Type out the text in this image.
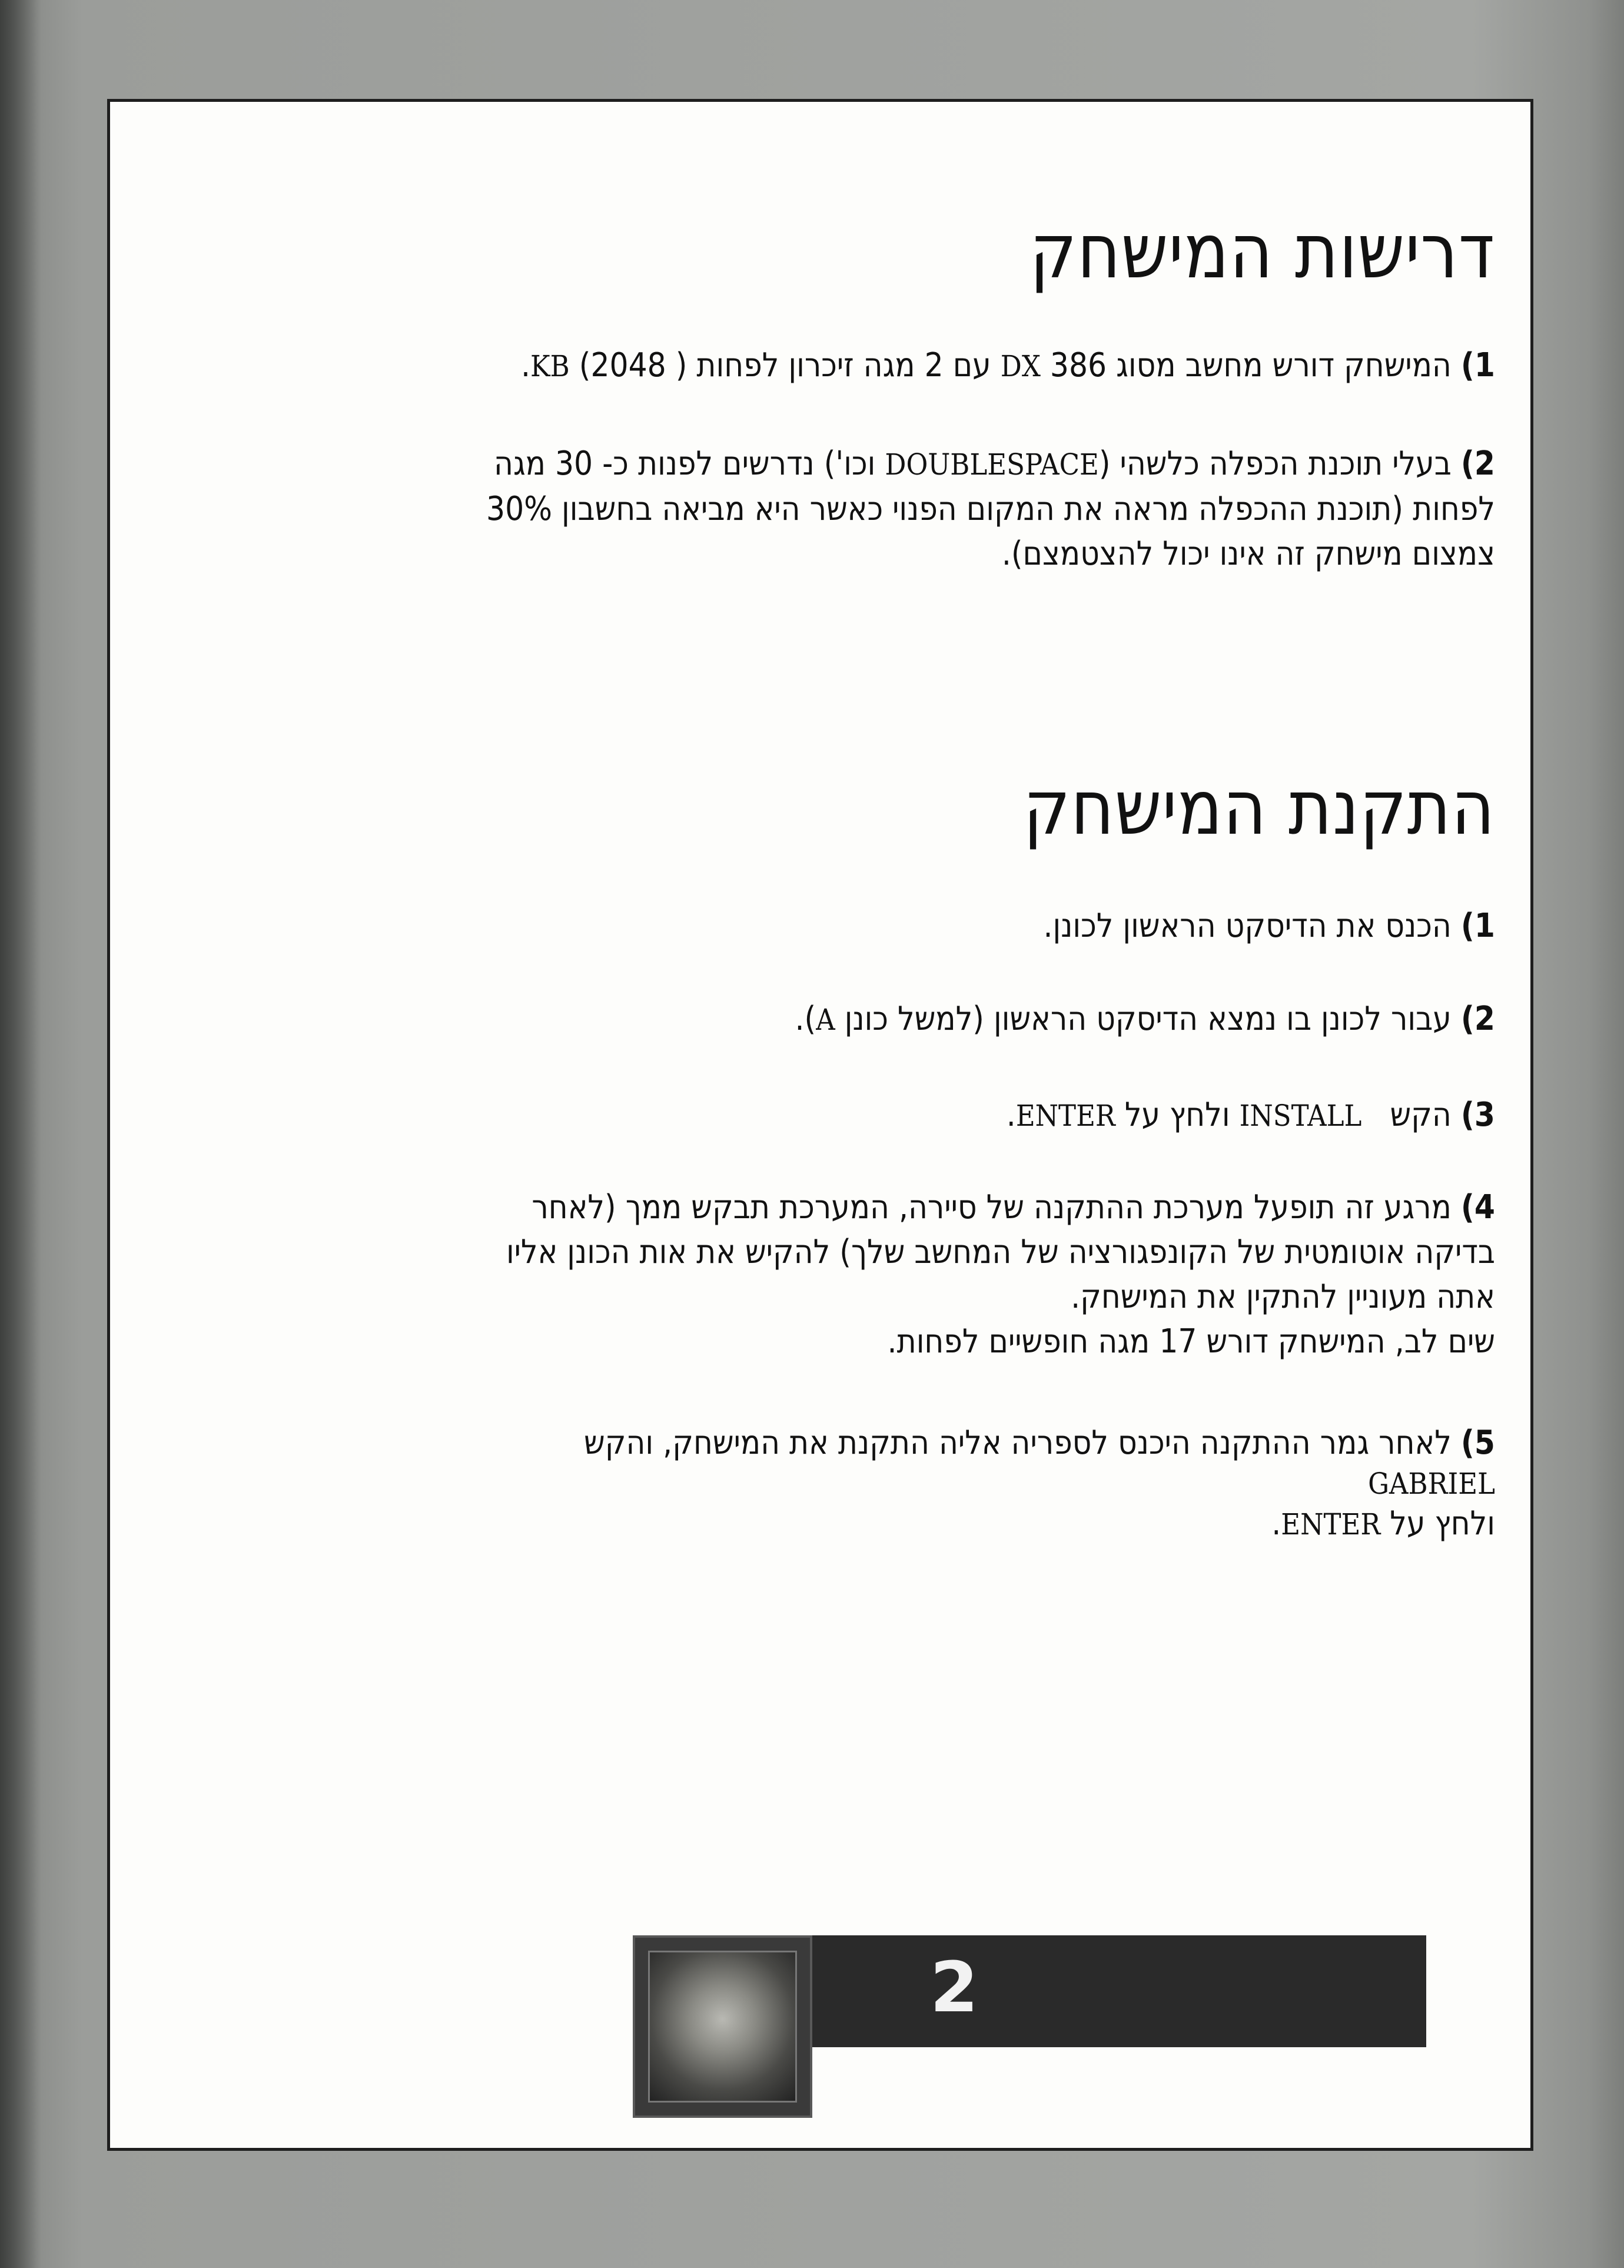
דרישות המישחק

1) המישחק דורש מחשב מסוג DX 386 עם 2 מגה זיכרון לפחות KB (2048 ).

2) בעלי תוכנת הכפלה כלשהי (DOUBLESPACE וכו') נדרשים לפנות כ- 30 מגה

לפחות (תוכנת ההכפלה מראה את המקום הפנוי כאשר היא מביאה בחשבון 30%

צמצום מישחק זה אינו יכול להצטמצם).

התקנת המישחק

1) הכנס את הדיסקט הראשון לכונן.

2) עבור לכונן בו נמצא הדיסקט הראשון (למשל כונן A).

3) הקש   INSTALL ולחץ על ENTER.

4) מרגע זה תופעל מערכת ההתקנה של סיירה, המערכת תבקש ממך (לאחר

בדיקה אוטומטית של הקונפגורציה של המחשב שלך) להקיש את אות הכונן אליו

אתה מעוניין להתקין את המישחק.

שים לב, המישחק דורש 17 מגה חופשיים לפחות.

5) לאחר גמר ההתקנה היכנס לספריה אליה התקנת את המישחק, והקש

GABRIEL

ולחץ על ENTER.

2
